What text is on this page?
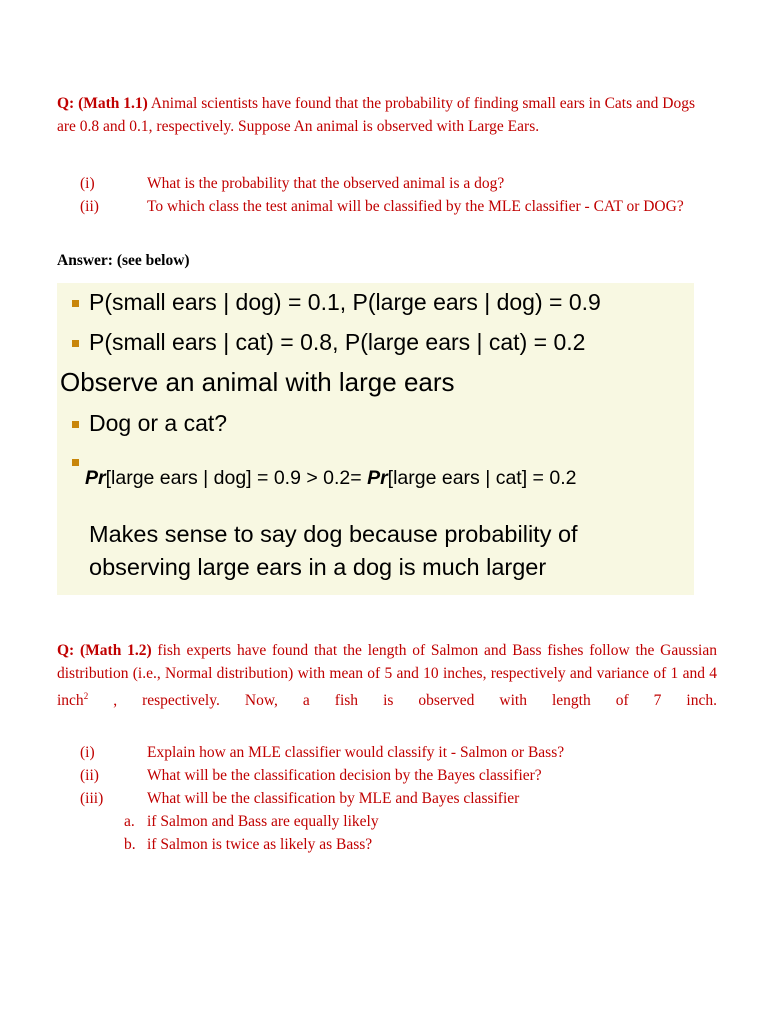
Q: (Math 1.1) Animal scientists have found that the probability of finding small ears in Cats and Dogs are 0.8 and 0.1, respectively. Suppose An animal is observed with Large Ears.
(i)	What is the probability that the observed animal is a dog?
(ii)	To which class the test animal will be classified by the MLE classifier - CAT or DOG?
Answer: (see below)
P(small ears | dog) = 0.1, P(large ears | dog) = 0.9
P(small ears | cat) = 0.8, P(large ears | cat) = 0.2
Observe an animal with large ears
Dog or a cat?
Pr[large ears | dog] = 0.9 > 0.2= Pr[large ears | cat] = 0.2
Makes sense to say dog because probability of
observing large ears in a dog is much larger
Q: (Math 1.2) fish experts have found that the length of Salmon and Bass fishes follow the Gaussian distribution (i.e., Normal distribution) with mean of 5 and 10 inches, respectively and variance of 1 and 4 inch$^2$ , respectively. Now, a fish is observed with length of 7 inch.
(i)	Explain how an MLE classifier would classify it - Salmon or Bass?
(ii)	What will be the classification decision by the Bayes classifier?
(iii)	What will be the classification by MLE and Bayes classifier
a. if Salmon and Bass are equally likely
b. if Salmon is twice as likely as Bass?
